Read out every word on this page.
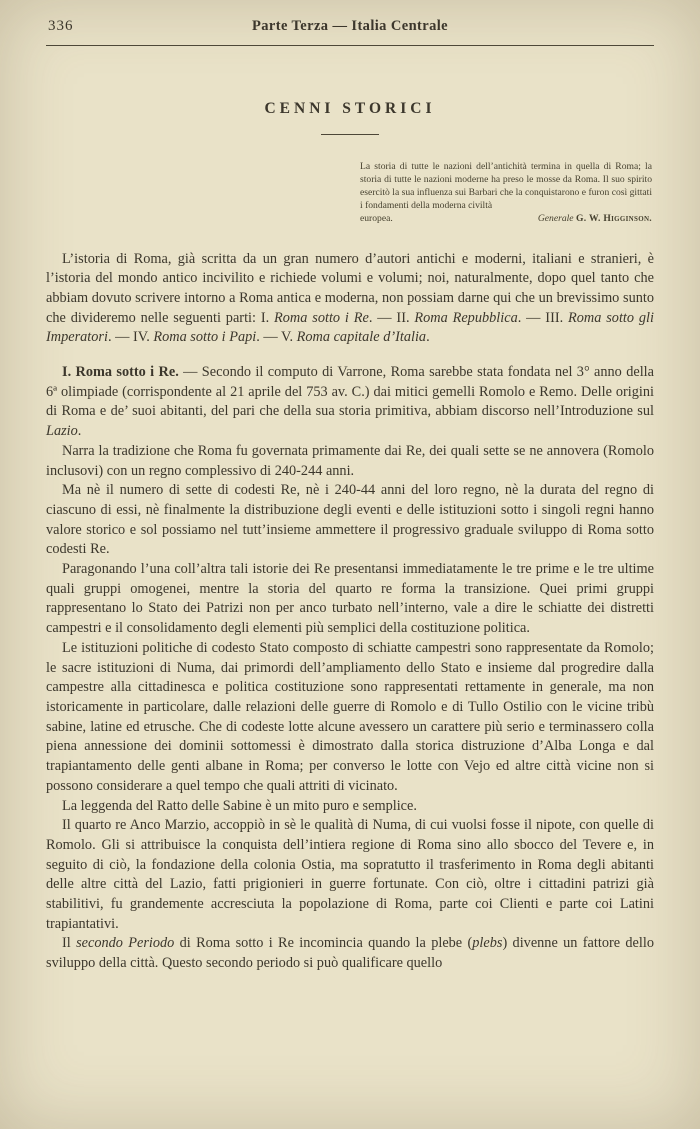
336	Parte Terza — Italia Centrale
CENNI STORICI
La storia di tutte le nazioni dell’antichità termina in quella di Roma; la storia di tutte le nazioni moderne ha preso le mosse da Roma. Il suo spirito esercitò la sua influenza sui Barbari che la conquistarono e furon così gittati i fondamenti della moderna civiltà
europea.	Generale G. W. Higginson.

L’istoria di Roma, già scritta da un gran numero d’autori antichi e moderni, italiani e stranieri, è l’istoria del mondo antico incivilito e richiede volumi e volumi; noi, naturalmente, dopo quel tanto che abbiam dovuto scrivere intorno a Roma antica e moderna, non possiam darne qui che un brevissimo sunto che divideremo nelle seguenti parti: I. Roma sotto i Re. — II. Roma Repubblica. — III. Roma sotto gli Imperatori. — IV. Roma sotto i Papi. — V. Roma capitale d’Italia.

I. Roma sotto i Re. — Secondo il computo di Varrone, Roma sarebbe stata fondata nel 3° anno della 6ª olimpiade (corrispondente al 21 aprile del 753 av. C.) dai mitici gemelli Romolo e Remo. Delle origini di Roma e de’ suoi abitanti, del pari che della sua storia primitiva, abbiam discorso nell’Introduzione sul Lazio.

Narra la tradizione che Roma fu governata primamente dai Re, dei quali sette se ne annovera (Romolo inclusovi) con un regno complessivo di 240-244 anni.

Ma nè il numero di sette di codesti Re, nè i 240-44 anni del loro regno, nè la durata del regno di ciascuno di essi, nè finalmente la distribuzione degli eventi e delle istituzioni sotto i singoli regni hanno valore storico e sol possiamo nel tutt’insieme ammettere il progressivo graduale sviluppo di Roma sotto codesti Re.

Paragonando l’una coll’altra tali istorie dei Re presentansi immediatamente le tre prime e le tre ultime quali gruppi omogenei, mentre la storia del quarto re forma la transizione. Quei primi gruppi rappresentano lo Stato dei Patrizi non per anco turbato nell’interno, vale a dire le schiatte dei distretti campestri e il consolidamento degli elementi più semplici della costituzione politica.

Le istituzioni politiche di codesto Stato composto di schiatte campestri sono rappresentate da Romolo; le sacre istituzioni di Numa, dai primordi dell’ampliamento dello Stato e insieme dal progredire dalla campestre alla cittadinesca e politica costituzione sono rappresentati rettamente in generale, ma non istoricamente in particolare, dalle relazioni delle guerre di Romolo e di Tullo Ostilio con le vicine tribù sabine, latine ed etrusche. Che di codeste lotte alcune avessero un carattere più serio e terminassero colla piena annessione dei dominii sottomessi è dimostrato dalla storica distruzione d’Alba Longa e dal trapiantamento delle genti albane in Roma; per converso le lotte con Vejo ed altre città vicine non si possono considerare a quel tempo che quali attriti di vicinato.

La leggenda del Ratto delle Sabine è un mito puro e semplice.

Il quarto re Anco Marzio, accoppiò in sè le qualità di Numa, di cui vuolsi fosse il nipote, con quelle di Romolo. Gli si attribuisce la conquista dell’intiera regione di Roma sino allo sbocco del Tevere e, in seguito di ciò, la fondazione della colonia Ostia, ma sopratutto il trasferimento in Roma degli abitanti delle altre città del Lazio, fatti prigionieri in guerre fortunate. Con ciò, oltre i cittadini patrizi già stabilitivi, fu grandemente accresciuta la popolazione di Roma, parte coi Clienti e parte coi Latini trapiantativi.

Il secondo Periodo di Roma sotto i Re incomincia quando la plebe (plebs) divenne un fattore dello sviluppo della città. Questo secondo periodo si può qualificare quello
